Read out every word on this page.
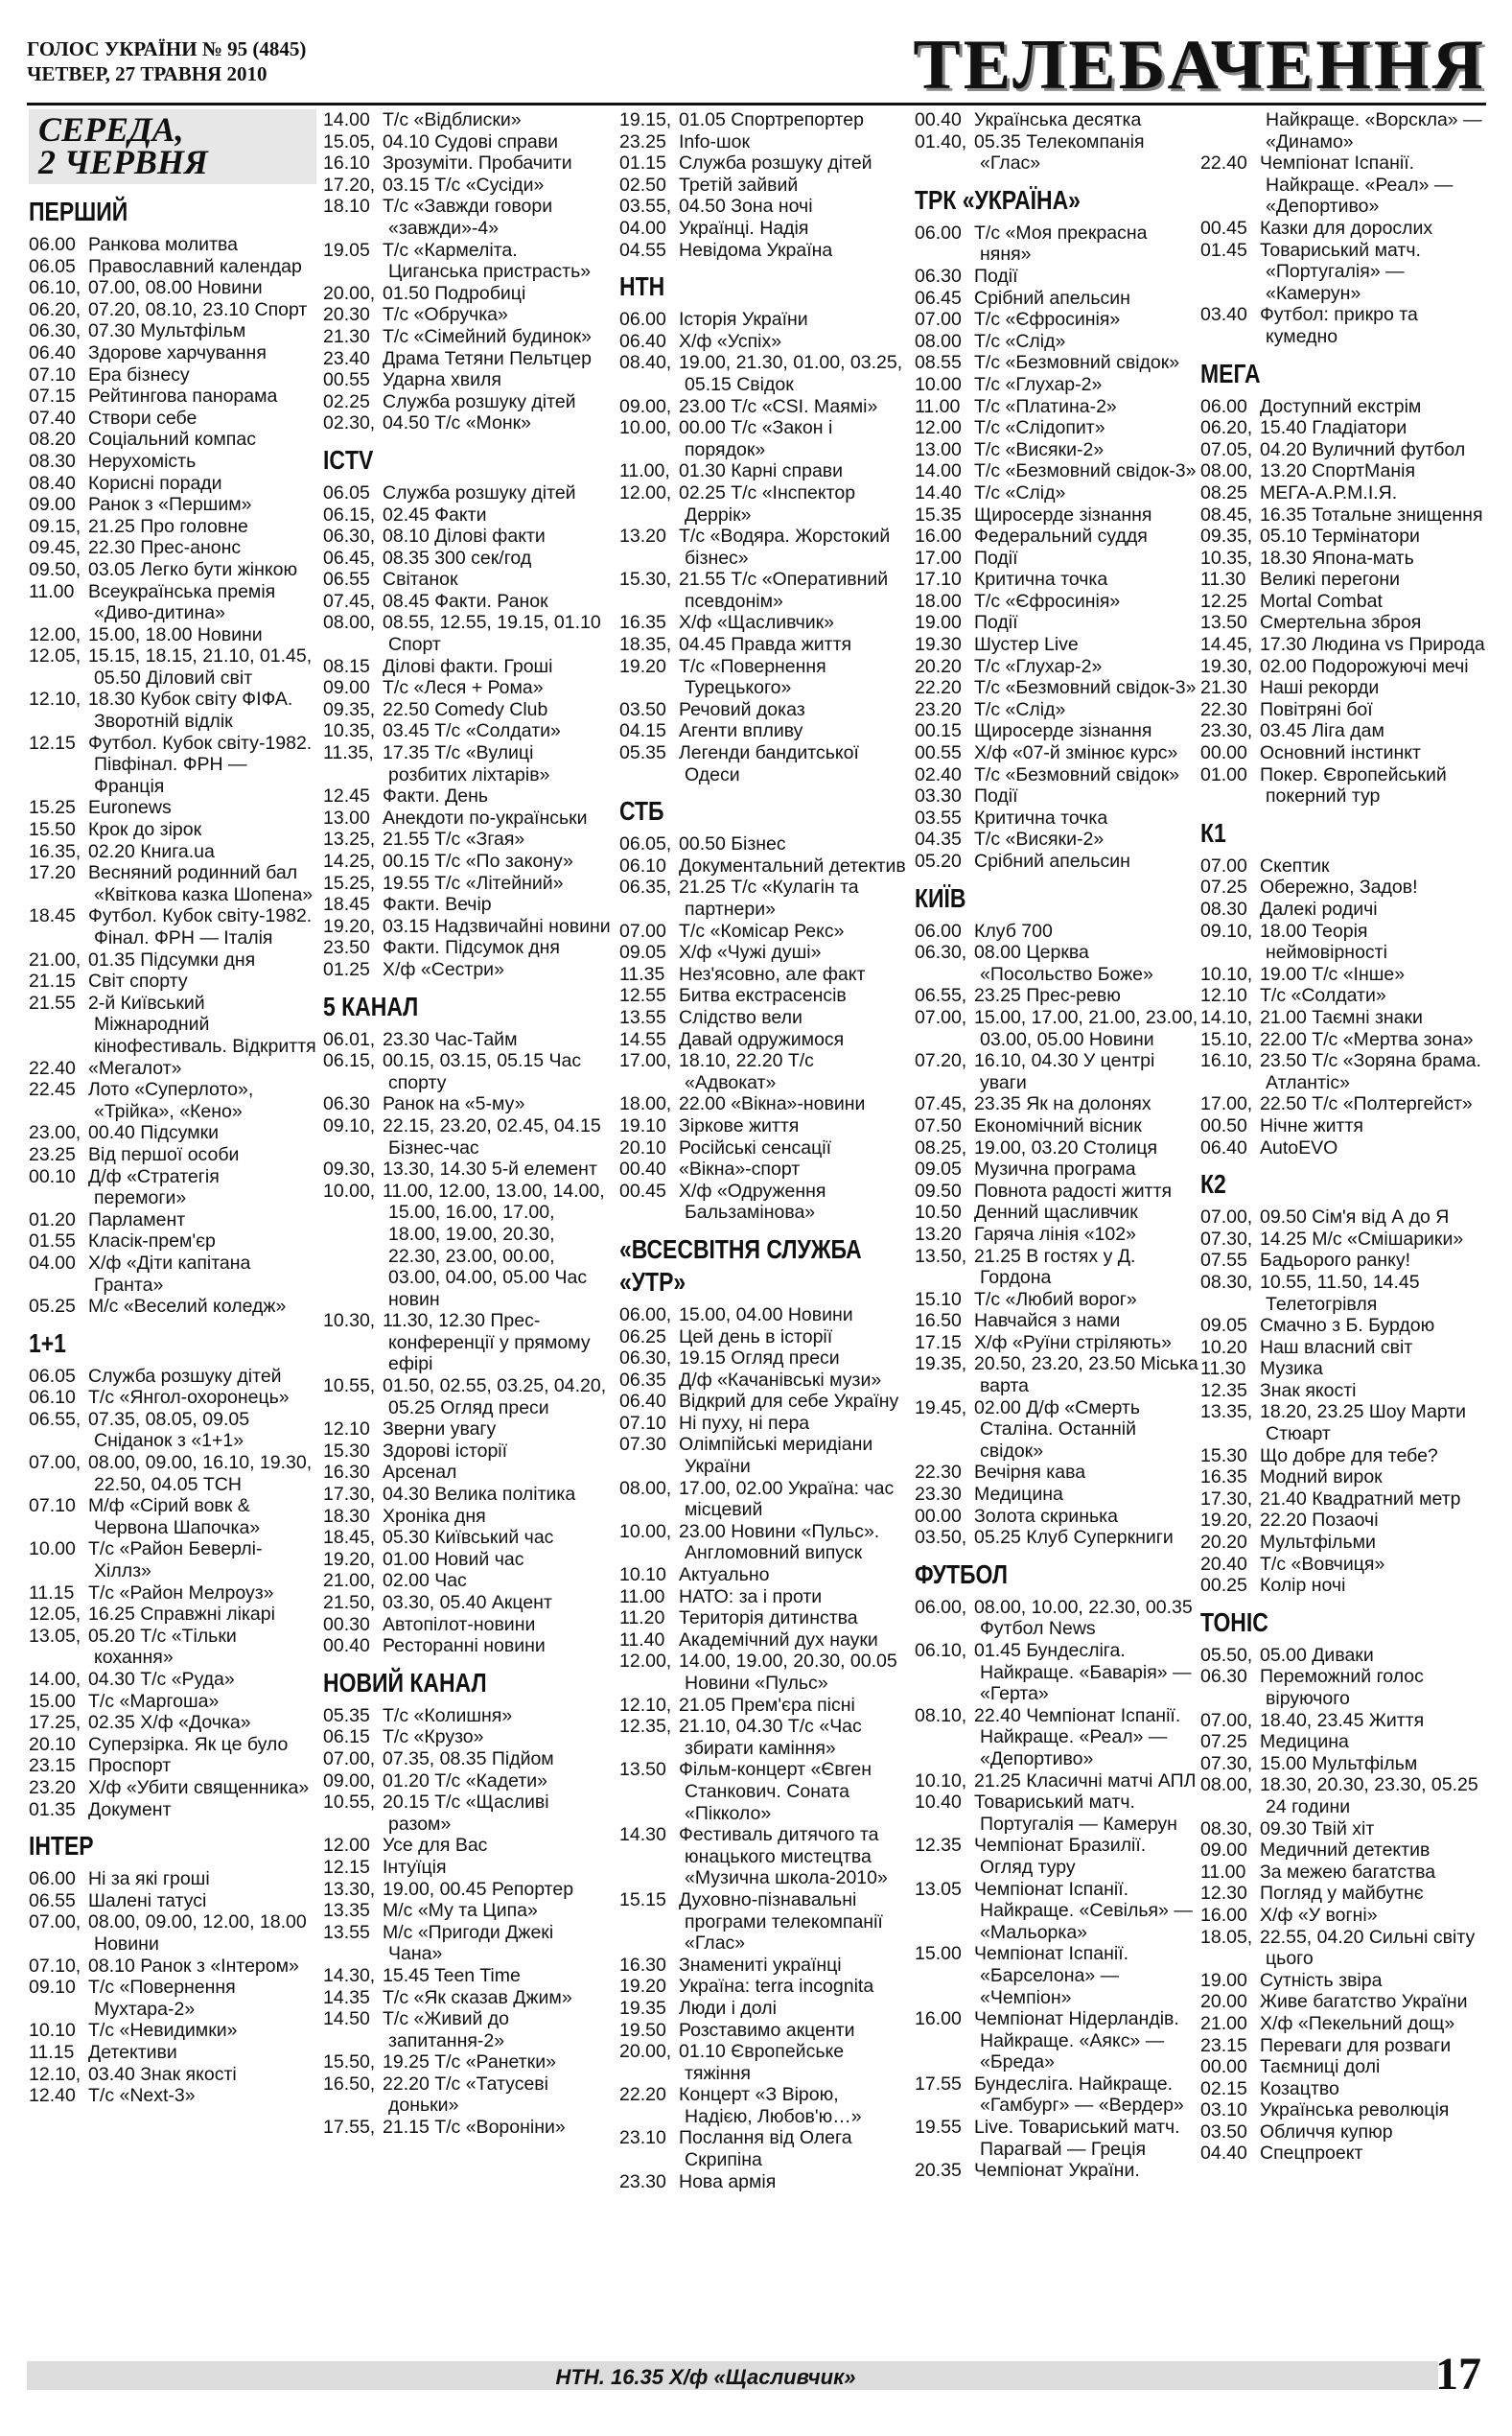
ГОЛОС УКРАЇНИ № 95 (4845)
ЧЕТВЕР, 27 ТРАВНЯ 2010	ТЕЛЕБАЧЕННЯ
СЕРЕДА,
2 ЧЕРВНЯ
ПЕРШИЙ
06.00 Ранкова молитва
06.05 Православний календар
06.10, 07.00, 08.00 Новини
06.20, 07.20, 08.10, 23.10 Спорт
06.30, 07.30 Мультфільм
06.40 Здорове харчування
07.10 Ера бізнесу
07.15 Рейтингова панорама
07.40 Створи себе
08.20 Соціальний компас
08.30 Нерухомість
08.40 Корисні поради
09.00 Ранок з «Першим»
09.15, 21.25 Про головне
09.45, 22.30 Прес-анонс
09.50, 03.05 Легко бути жінкою
11.00 Всеукраїнська премія «Диво-дитина»
12.00, 15.00, 18.00 Новини
12.05, 15.15, 18.15, 21.10, 01.45, 05.50 Діловий світ
12.10, 18.30 Кубок світу ФІФА. Зворотній відлік
12.15 Футбол. Кубок світу-1982. Півфінал. ФРН — Франція
15.25 Euronews
15.50 Крок до зірок
16.35, 02.20 Книга.ua
17.20 Весняний родинний бал «Квіткова казка Шопена»
18.45 Футбол. Кубок світу-1982. Фінал. ФРН — Італія
21.00, 01.35 Підсумки дня
21.15 Світ спорту
21.55 2-й Київський Міжнародний кінофестиваль. Відкриття
22.40 «Мегалот»
22.45 Лото «Суперлото», «Трійка», «Кено»
23.00, 00.40 Підсумки
23.25 Від першої особи
00.10 Д/ф «Стратегія перемоги»
01.20 Парламент
01.55 Класік-прем'єр
04.00 Х/ф «Діти капітана Гранта»
05.25 М/с «Веселий коледж»
1+1
06.05 Служба розшуку дітей
06.10 Т/с «Янгол-охоронець»
06.55, 07.35, 08.05, 09.05 Сніданок з «1+1»
07.00, 08.00, 09.00, 16.10, 19.30, 22.50, 04.05 ТСН
07.10 М/ф «Сірий вовк & Червона Шапочка»
10.00 Т/с «Район Беверлі-Хіллз»
11.15 Т/с «Район Мелроуз»
12.05, 16.25 Справжні лікарі
13.05, 05.20 Т/с «Тільки кохання»
14.00, 04.30 Т/с «Руда»
15.00 Т/с «Маргоша»
17.25, 02.35 Х/ф «Дочка»
20.10 Суперзірка. Як це було
23.15 Проспорт
23.20 Х/ф «Убити священника»
01.35 Документ
ІНТЕР
06.00 Ні за які гроші
06.55 Шалені татусі
07.00, 08.00, 09.00, 12.00, 18.00 Новини
07.10, 08.10 Ранок з «Інтером»
09.10 Т/с «Повернення Мухтара-2»
10.10 Т/с «Невидимки»
11.15 Детективи
12.10, 03.40 Знак якості
12.40 Т/с «Next-3»
14.00 Т/с «Відблиски»
15.05, 04.10 Судові справи
16.10 Зрозуміти. Пробачити
17.20, 03.15 Т/с «Сусіди»
18.10 Т/с «Завжди говори «завжди»-4»
19.05 Т/с «Кармеліта. Циганська пристрасть»
20.00, 01.50 Подробиці
20.30 Т/с «Обручка»
21.30 Т/с «Сімейний будинок»
23.40 Драма Тетяни Пельтцер
00.55 Ударна хвиля
02.25 Служба розшуку дітей
02.30, 04.50 Т/с «Монк»
ICTV
06.05 Служба розшуку дітей
06.15, 02.45 Факти
06.30, 08.10 Ділові факти
06.45, 08.35 300 сек/год
06.55 Світанок
07.45, 08.45 Факти. Ранок
08.00, 08.55, 12.55, 19.15, 01.10 Спорт
08.15 Ділові факти. Гроші
09.00 Т/с «Леся + Рома»
09.35, 22.50 Comedy Club
10.35, 03.45 Т/с «Солдати»
11.35, 17.35 Т/с «Вулиці розбитих ліхтарів»
12.45 Факти. День
13.00 Анекдоти по-українськи
13.25, 21.55 Т/с «Згая»
14.25, 00.15 Т/с «По закону»
15.25, 19.55 Т/с «Літейний»
18.45 Факти. Вечір
19.20, 03.15 Надзвичайні новини
23.50 Факти. Підсумок дня
01.25 Х/ф «Сестри»
5 КАНАЛ
06.01, 23.30 Час-Тайм
06.15, 00.15, 03.15, 05.15 Час спорту
06.30 Ранок на «5-му»
09.10, 22.15, 23.20, 02.45, 04.15 Бізнес-час
09.30, 13.30, 14.30 5-й елемент
10.00, 11.00, 12.00, 13.00, 14.00, 15.00, 16.00, 17.00, 18.00, 19.00, 20.30, 22.30, 23.00, 00.00, 03.00, 04.00, 05.00 Час новин
10.30, 11.30, 12.30 Прес-конференції у прямому ефірі
10.55, 01.50, 02.55, 03.25, 04.20, 05.25 Огляд преси
12.10 Зверни увагу
15.30 Здорові історії
16.30 Арсенал
17.30, 04.30 Велика політика
18.30 Хроніка дня
18.45, 05.30 Київський час
19.20, 01.00 Новий час
21.00, 02.00 Час
21.50, 03.30, 05.40 Акцент
00.30 Автопілот-новини
00.40 Ресторанні новини
НОВИЙ КАНАЛ
05.35 Т/с «Колишня»
06.15 Т/с «Крузо»
07.00, 07.35, 08.35 Підйом
09.00, 01.20 Т/с «Кадети»
10.55, 20.15 Т/с «Щасливі разом»
12.00 Усе для Вас
12.15 Інтуїція
13.30, 19.00, 00.45 Репортер
13.35 М/с «Му та Ципа»
13.55 М/с «Пригоди Джекі Чана»
14.30, 15.45 Teen Time
14.35 Т/с «Як сказав Джим»
14.50 Т/с «Живий до запитання-2»
15.50, 19.25 Т/с «Ранетки»
16.50, 22.20 Т/с «Татусеві доньки»
17.55, 21.15 Т/с «Вороніни»
19.15, 01.05 Спортрепортер
23.25 Info-шок
01.15 Служба розшуку дітей
02.50 Третій зайвий
03.55, 04.50 Зона ночі
04.00 Українці. Надія
04.55 Невідома Україна
НТН
06.00 Історія України
06.40 Х/ф «Успіх»
08.40, 19.00, 21.30, 01.00, 03.25, 05.15 Свідок
09.00, 23.00 Т/с «CSI. Маямі»
10.00, 00.00 Т/с «Закон і порядок»
11.00, 01.30 Карні справи
12.00, 02.25 Т/с «Інспектор Деррік»
13.20 Т/с «Водяра. Жорстокий бізнес»
15.30, 21.55 Т/с «Оперативний псевдонім»
16.35 Х/ф «Щасливчик»
18.35, 04.45 Правда життя
19.20 Т/с «Повернення Турецького»
03.50 Речовий доказ
04.15 Агенти впливу
05.35 Легенди бандитської Одеси
СТБ
06.05, 00.50 Бізнес
06.10 Документальний детектив
06.35, 21.25 Т/с «Кулагін та партнери»
07.00 Т/с «Комісар Рекс»
09.05 Х/ф «Чужі душі»
11.35 Нез'ясовно, але факт
12.55 Битва екстрасенсів
13.55 Слідство вели
14.55 Давай одружимося
17.00, 18.10, 22.20 Т/с «Адвокат»
18.00, 22.00 «Вікна»-новини
19.10 Зіркове життя
20.10 Російські сенсації
00.40 «Вікна»-спорт
00.45 Х/ф «Одруження Бальзамінова»
«ВСЕСВІТНЯ СЛУЖБА «УТР»
06.00, 15.00, 04.00 Новини
06.25 Цей день в історії
06.30, 19.15 Огляд преси
06.35 Д/ф «Качанівські музи»
06.40 Відкрий для себе Україну
07.10 Ні пуху, ні пера
07.30 Олімпійські меридіани України
08.00, 17.00, 02.00 Україна: час місцевий
10.00, 23.00 Новини «Пульс». Англомовний випуск
10.10 Актуально
11.00 НАТО: за і проти
11.20 Територія дитинства
11.40 Академічний дух науки
12.00, 14.00, 19.00, 20.30, 00.05 Новини «Пульс»
12.10, 21.05 Прем'єра пісні
12.35, 21.10, 04.30 Т/с «Час збирати каміння»
13.50 Фільм-концерт «Євген Станкович. Соната «Пікколо»
14.30 Фестиваль дитячого та юнацького мистецтва «Музична школа-2010»
15.15 Духовно-пізнавальні програми телекомпанії «Глас»
16.30 Знамениті українці
19.20 Україна: terra incognita
19.35 Люди і долі
19.50 Розставимо акценти
20.00, 01.10 Європейське тяжіння
22.20 Концерт «З Вірою, Надією, Любов'ю…»
23.10 Послання від Олега Скрипіна
23.30 Нова армія
00.40 Українська десятка
01.40, 05.35 Телекомпанія «Глас»
ТРК «УКРАЇНА»
06.00 Т/с «Моя прекрасна няня»
06.30 Події
06.45 Срібний апельсин
07.00 Т/с «Єфросинія»
08.00 Т/с «Слід»
08.55 Т/с «Безмовний свідок»
10.00 Т/с «Глухар-2»
11.00 Т/с «Платина-2»
12.00 Т/с «Слідопит»
13.00 Т/с «Висяки-2»
14.00 Т/с «Безмовний свідок-3»
14.40 Т/с «Слід»
15.35 Щиросерде зізнання
16.00 Федеральний суддя
17.00 Події
17.10 Критична точка
18.00 Т/с «Єфросинія»
19.00 Події
19.30 Шустер Live
20.20 Т/с «Глухар-2»
22.20 Т/с «Безмовний свідок-3»
23.20 Т/с «Слід»
00.15 Щиросерде зізнання
00.55 Х/ф «07-й змінює курс»
02.40 Т/с «Безмовний свідок»
03.30 Події
03.55 Критична точка
04.35 Т/с «Висяки-2»
05.20 Срібний апельсин
КИЇВ
06.00 Клуб 700
06.30, 08.00 Церква «Посольство Боже»
06.55, 23.25 Прес-ревю
07.00, 15.00, 17.00, 21.00, 23.00, 03.00, 05.00 Новини
07.20, 16.10, 04.30 У центрі уваги
07.45, 23.35 Як на долонях
07.50 Економічний вісник
08.25, 19.00, 03.20 Столиця
09.05 Музична програма
09.50 Повнота радості життя
10.50 Денний щасливчик
13.20 Гаряча лінія «102»
13.50, 21.25 В гостях у Д. Гордона
15.10 Т/с «Любий ворог»
16.50 Навчайся з нами
17.15 Х/ф «Руїни стріляють»
19.35, 20.50, 23.20, 23.50 Міська варта
19.45, 02.00 Д/ф «Смерть Сталіна. Останній свідок»
22.30 Вечірня кава
23.30 Медицина
00.00 Золота скринька
03.50, 05.25 Клуб Суперкниги
ФУТБОЛ
06.00, 08.00, 10.00, 22.30, 00.35 Футбол News
06.10, 01.45 Бундесліга. Найкраще. «Баварія» — «Герта»
08.10, 22.40 Чемпіонат Іспанії. Найкраще. «Реал» — «Депортиво»
10.10, 21.25 Класичні матчі АПЛ
10.40 Товариський матч. Португалія — Камерун
12.35 Чемпіонат Бразилії. Огляд туру
13.05 Чемпіонат Іспанії. Найкраще. «Севілья» — «Мальорка»
15.00 Чемпіонат Іспанії. «Барселона» — «Чемпіон»
16.00 Чемпіонат Нідерландів. Найкраще. «Аякс» — «Бреда»
17.55 Бундесліга. Найкраще. «Гамбург» — «Вердер»
19.55 Live. Товариський матч. Парагвай — Греція
20.35 Чемпіонат України.
Найкраще. «Ворскла» — «Динамо»
22.40 Чемпіонат Іспанії. Найкраще. «Реал» — «Депортиво»
00.45 Казки для дорослих
01.45 Товариський матч. «Португалія» — «Камерун»
03.40 Футбол: прикро та кумедно
МЕГА
06.00 Доступний екстрім
06.20, 15.40 Гладіатори
07.05, 04.20 Вуличний футбол
08.00, 13.20 СпортМанія
08.25 МЕГА-А.Р.М.І.Я.
08.45, 16.35 Тотальне знищення
09.35, 05.10 Термінатори
10.35, 18.30 Япона-мать
11.30 Великі перегони
12.25 Mortal Combat
13.50 Смертельна зброя
14.45, 17.30 Людина vs Природа
19.30, 02.00 Подорожуючі мечі
21.30 Наші рекорди
22.30 Повітряні бої
23.30, 03.45 Ліга дам
00.00 Основний інстинкт
01.00 Покер. Європейський покерний тур
К1
07.00 Скептик
07.25 Обережно, Задов!
08.30 Далекі родичі
09.10, 18.00 Теорія неймовірності
10.10, 19.00 Т/с «Інше»
12.10 Т/с «Солдати»
14.10, 21.00 Таємні знаки
15.10, 22.00 Т/с «Мертва зона»
16.10, 23.50 Т/с «Зоряна брама. Атлантіс»
17.00, 22.50 Т/с «Полтергейст»
00.50 Нічне життя
06.40 AutoEVO
К2
07.00, 09.50 Сім'я від А до Я
07.30, 14.25 М/с «Смішарики»
07.55 Бадьорого ранку!
08.30, 10.55, 11.50, 14.45 Телетогрівля
09.05 Смачно з Б. Бурдою
10.20 Наш власний світ
11.30 Музика
12.35 Знак якості
13.35, 18.20, 23.25 Шоу Марти Стюарт
15.30 Що добре для тебе?
16.35 Модний вирок
17.30, 21.40 Квадратний метр
19.20, 22.20 Позаочі
20.20 Мультфільми
20.40 Т/с «Вовчиця»
00.25 Колір ночі
ТОНІС
05.50, 05.00 Диваки
06.30 Переможний голос віруючого
07.00, 18.40, 23.45 Життя
07.25 Медицина
07.30, 15.00 Мультфільм
08.00, 18.30, 20.30, 23.30, 05.25 24 години
08.30, 09.30 Твій хіт
09.00 Медичний детектив
11.00 За межею багатства
12.30 Погляд у майбутнє
16.00 Х/ф «У вогні»
18.05, 22.55, 04.20 Сильні світу цього
19.00 Сутність звіра
20.00 Живе багатство України
21.00 Х/ф «Пекельний дощ»
23.15 Переваги для розваги
00.00 Таємниці долі
02.15 Козацтво
03.10 Українська революція
03.50 Обличчя купюр
04.40 Спецпроект
НТН. 16.35 Х/ф «Щасливчик»	17
